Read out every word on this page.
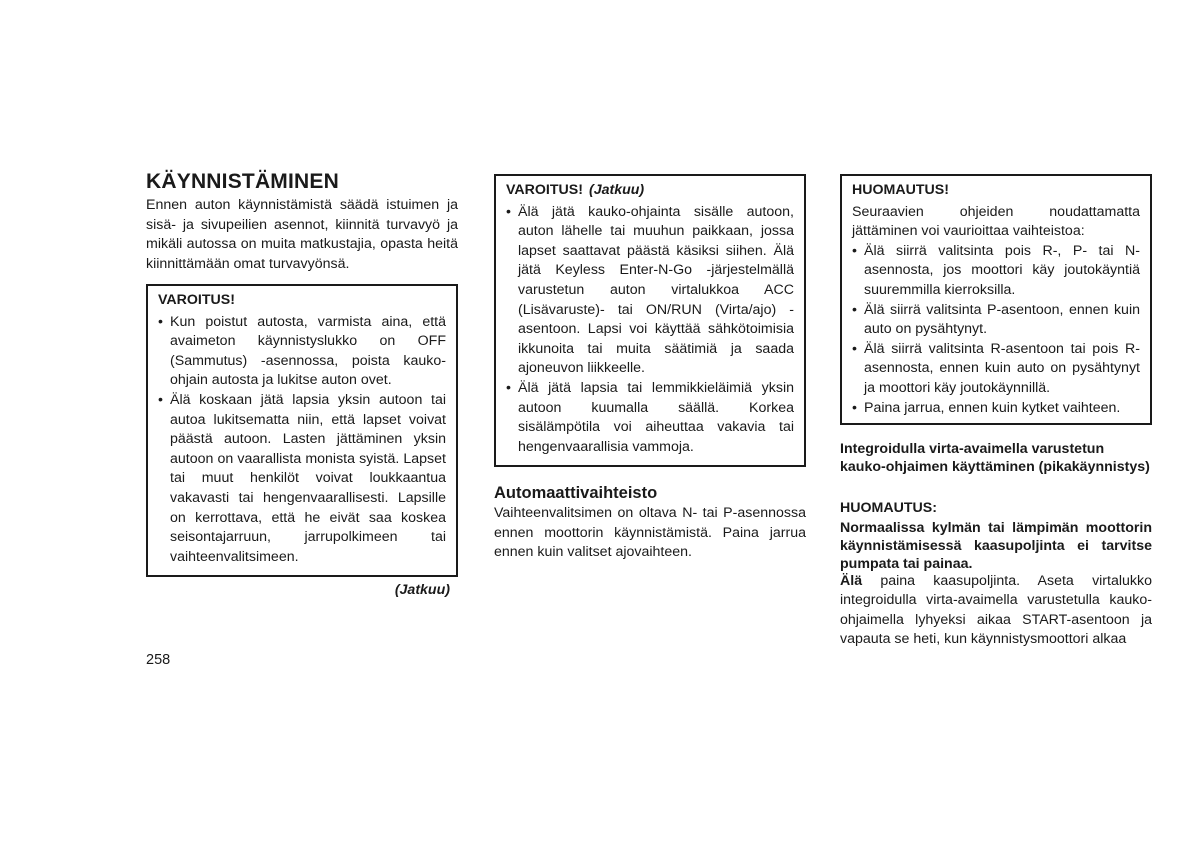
KÄYNNISTÄMINEN

Ennen auton käynnistämistä säädä istuimen ja sisä- ja sivupeilien asennot, kiinnitä turvavyö ja mikäli autossa on muita matkustajia, opasta heitä kiinnittämään omat turvavyönsä.

VAROITUS!

• Kun poistut autosta, varmista aina, että avaimeton käynnistyslukko on OFF (Sammutus) -asennossa, poista kauko-ohjain autosta ja lukitse auton ovet.
• Älä koskaan jätä lapsia yksin autoon tai autoa lukitsematta niin, että lapset voivat päästä autoon. Lasten jättäminen yksin autoon on vaarallista monista syistä. Lapset tai muut henkilöt voivat loukkaantua vakavasti tai hengenvaarallisesti. Lapsille on kerrottava, että he eivät saa koskea seisontajarruun, jarrupolkimeen tai vaihteenvalitsimeen.
(Jatkuu)

VAROITUS! (Jatkuu)

• Älä jätä kauko-ohjainta sisälle autoon, auton lähelle tai muuhun paikkaan, jossa lapset saattavat päästä käsiksi siihen. Älä jätä Keyless Enter-N-Go -järjestelmällä varustetun auton virtalukkoa ACC (Lisävaruste)- tai ON/RUN (Virta/ajo) -asentoon. Lapsi voi käyttää sähkötoimisia ikkunoita tai muita säätimiä ja saada ajoneuvon liikkeelle.
• Älä jätä lapsia tai lemmikkieläimiä yksin autoon kuumalla säällä. Korkea sisälämpötila voi aiheuttaa vakavia tai hengenvaarallisia vammoja.
Automaattivaihteisto

Vaihteenvalitsimen on oltava N- tai P-asennossa ennen moottorin käynnistämistä. Paina jarrua ennen kuin valitset ajovaihteen.

HUOMAUTUS!

Seuraavien ohjeiden noudattamatta jättäminen voi vaurioittaa vaihteistoa:

• Älä siirrä valitsinta pois R-, P- tai N-asennosta, jos moottori käy joutokäyntiä suuremmilla kierroksilla.
• Älä siirrä valitsinta P-asentoon, ennen kuin auto on pysähtynyt.
• Älä siirrä valitsinta R-asentoon tai pois R-asennosta, ennen kuin auto on pysähtynyt ja moottori käy joutokäynnillä.
• Paina jarrua, ennen kuin kytket vaihteen.

Integroidulla virta-avaimella varustetun kauko-ohjaimen käyttäminen (pikakäynnistys)

HUOMAUTUS:

Normaalissa kylmän tai lämpimän moottorin käynnistämisessä kaasupoljinta ei tarvitse pumpata tai painaa.

Älä paina kaasupoljinta. Aseta virtalukko integroidulla virta-avaimella varustetulla kauko-ohjaimella lyhyeksi aikaa START-asentoon ja vapauta se heti, kun käynnistysmoottori alkaa

258
